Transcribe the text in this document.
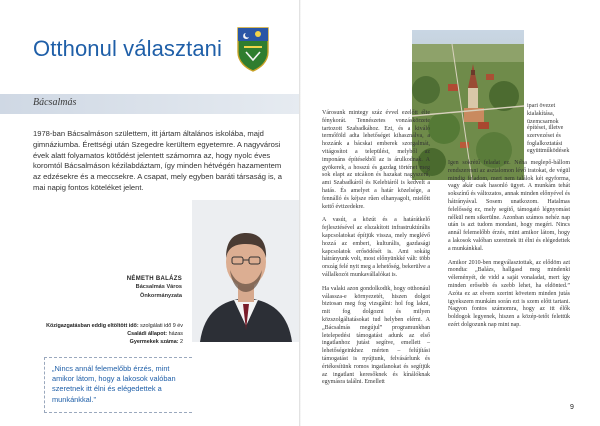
Otthonul választani
Bácsalmás

1978-ban Bácsalmáson születtem, itt jártam általános iskolába, majd gimnáziumba. Érettségi után Szegedre kerültem egyetemre. A nagyvárosi évek alatt folyamatos kötődést jelentett számomra az, hogy nyolc éves koromtól Bácsalmáson kézilabdáztam, így minden hétvégén hazamentem az edzésekre és a meccsekre. A csapat, mely egyben baráti társaság is, a mai napig fontos köteléket jelent.

NÉMETH BALÁZS
Bácsalmás Város
Önkormányzata
Közigazgatásban eddig eltöltött idő: szolgálati idő 9 év
Családi állapot: házas
Gyermekek száma: 2
„Nincs annál felemelőbb érzés, mint amikor látom, hogy a lakosok valóban szeretnek itt élni és elégedettek a munkánkkal.”
ipari övezet kialakítása, üzemcsarnok
építései, illetve szervezései és foglalkoztatási együttműködések

Városunk mintegy száz évvel ezelőtt élte fénykorát. Tennészetes vonzáskörzete tartozott Szabadkához. Ezt, és a kiváló termőföld adta lehetőséget kihasználva, a hozzánk a bácskai emberek szorgalmát, vitágosítot a települést, melyből az imponáns építésekből az is árulkodnak. A gyökerek, a hosszú és gazdag történet meg sok elapt az utcákon és hazakat nagyszerű, ami Szabadkáról és Kelebiáról is kedvelt a hatás. És amelyet a határ közelsége, a fennálló és kéjsze rűen elhanyagolt, mielőtt kettő évtizedekre.

A vasút, a közút és a határátkelő fejlesztésével az elszakított infrastruktúrális kapcsolatokat építjük vissza, mely meglévő hozzá az emberi, kulturális, gazdasági kapcsolatok erősödését is. Ami sokáig hátrányunk volt, most előnyünkké vált: több ország felé nyit meg a lehetőség, bekerülve a vállalkozói munkavállalókat is.

Ha valaki azon gondolkodik, hogy otthonául válassza-e környezetét, hiszen dolgot biztosan meg fog vizsgálni: hol fog lakni, mit fog dolgozni és milyen közszolgáltatásokat tud helyben elérni. A „Bácsalmás megújul” programunkban letelepedési támogatást adunk az első ingatlanhoz jutást segítve, emellett – lehetőségeinkhez mérten – felújítási támogatást is nyújtunk, felvásárlunk és értékesítünk romos ingatlanokat és segítjük az ingatlant keresőknek és kínálóknak egymásra találni. Emellett

Igen sokrétű feladat ez. Néha meglepő-bállom rendszeresni az asztalomon lévő iratokat, de végül mindig feladom, mert nem találok két egyforma, vagy akár csak hasonló ügyet. A munkám tehát sokszínű és változatos, annak minden előnyével és hátrányával. Sosem unatkozom. Hatalmas felelősség ez, mely segítő, támogató légnyomást nélkül nem sikerülne. Azonban számos nehéz nap után is azt tudom mondani, hogy megéri. Nincs annál felemelőbb érzés, mint amikor látom, hogy a lakosok valóban szeretnek itt élni és elégedettek a munkánkkal.

Amikor 2010-ben megválasztottak, az elődöm azt mondta: „Balázs, hallgasd meg mindenki véleményét, de vidd a saját vonaladat, mert így minden erősebb és szebb lehet, ha eldönted.” Azóta ez az elvem szerint követem minden jutás igyekszem munkám során ezt is szem előtt tartani. Nagyon fontos számomra, hogy az itt élők boldogok legyenek, hiszen a közép-tetőt felettük ezért dolgozunk nap mint nap.

9
